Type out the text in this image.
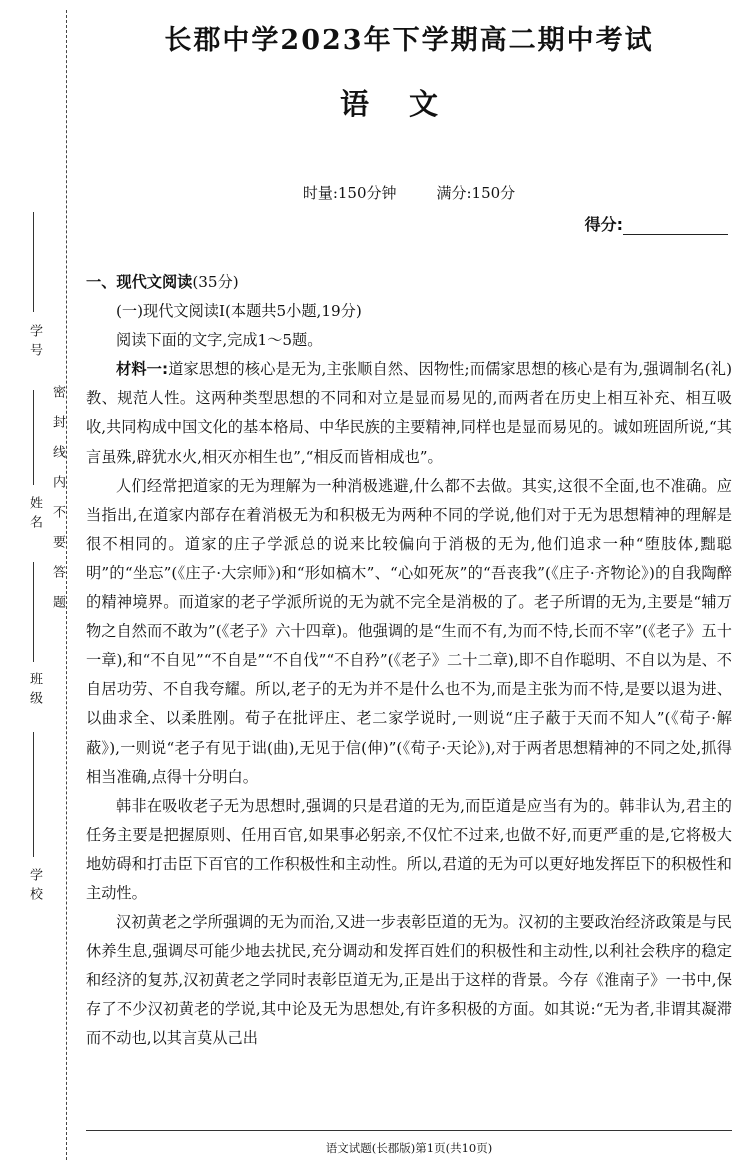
学号
姓名
班级
学校
密封线内不要答题
长郡中学2023年下学期高二期中考试
语文
时量:150分钟	满分:150分
得分:

一、现代文阅读(35分)

(一)现代文阅读Ⅰ(本题共5小题,19分)

阅读下面的文字,完成1～5题。

材料一:道家思想的核心是无为,主张顺自然、因物性;而儒家思想的核心是有为,强调制名(礼)教、规范人性。这两种类型思想的不同和对立是显而易见的,而两者在历史上相互补充、相互吸收,共同构成中国文化的基本格局、中华民族的主要精神,同样也是显而易见的。诚如班固所说,“其言虽殊,辟犹水火,相灭亦相生也”,“相反而皆相成也”。

人们经常把道家的无为理解为一种消极逃避,什么都不去做。其实,这很不全面,也不准确。应当指出,在道家内部存在着消极无为和积极无为两种不同的学说,他们对于无为思想精神的理解是很不相同的。道家的庄子学派总的说来比较偏向于消极的无为,他们追求一种“堕肢体,黜聪明”的“坐忘”(《庄子·大宗师》)和“形如槁木”、“心如死灰”的“吾丧我”(《庄子·齐物论》)的自我陶醉的精神境界。而道家的老子学派所说的无为就不完全是消极的了。老子所谓的无为,主要是“辅万物之自然而不敢为”(《老子》六十四章)。他强调的是“生而不有,为而不恃,长而不宰”(《老子》五十一章),和“不自见”“不自是”“不自伐”“不自矜”(《老子》二十二章),即不自作聪明、不自以为是、不自居功劳、不自我夸耀。所以,老子的无为并不是什么也不为,而是主张为而不恃,是要以退为进、以曲求全、以柔胜刚。荀子在批评庄、老二家学说时,一则说“庄子蔽于天而不知人”(《荀子·解蔽》),一则说“老子有见于诎(曲),无见于信(伸)”(《荀子·天论》),对于两者思想精神的不同之处,抓得相当准确,点得十分明白。

韩非在吸收老子无为思想时,强调的只是君道的无为,而臣道是应当有为的。韩非认为,君主的任务主要是把握原则、任用百官,如果事必躬亲,不仅忙不过来,也做不好,而更严重的是,它将极大地妨碍和打击臣下百官的工作积极性和主动性。所以,君道的无为可以更好地发挥臣下的积极性和主动性。

汉初黄老之学所强调的无为而治,又进一步表彰臣道的无为。汉初的主要政治经济政策是与民休养生息,强调尽可能少地去扰民,充分调动和发挥百姓们的积极性和主动性,以利社会秩序的稳定和经济的复苏,汉初黄老之学同时表彰臣道无为,正是出于这样的背景。今存《淮南子》一书中,保存了不少汉初黄老的学说,其中论及无为思想处,有许多积极的方面。如其说:“无为者,非谓其凝滞而不动也,以其言莫从己出

语文试题(长郡版)第1页(共10页)
